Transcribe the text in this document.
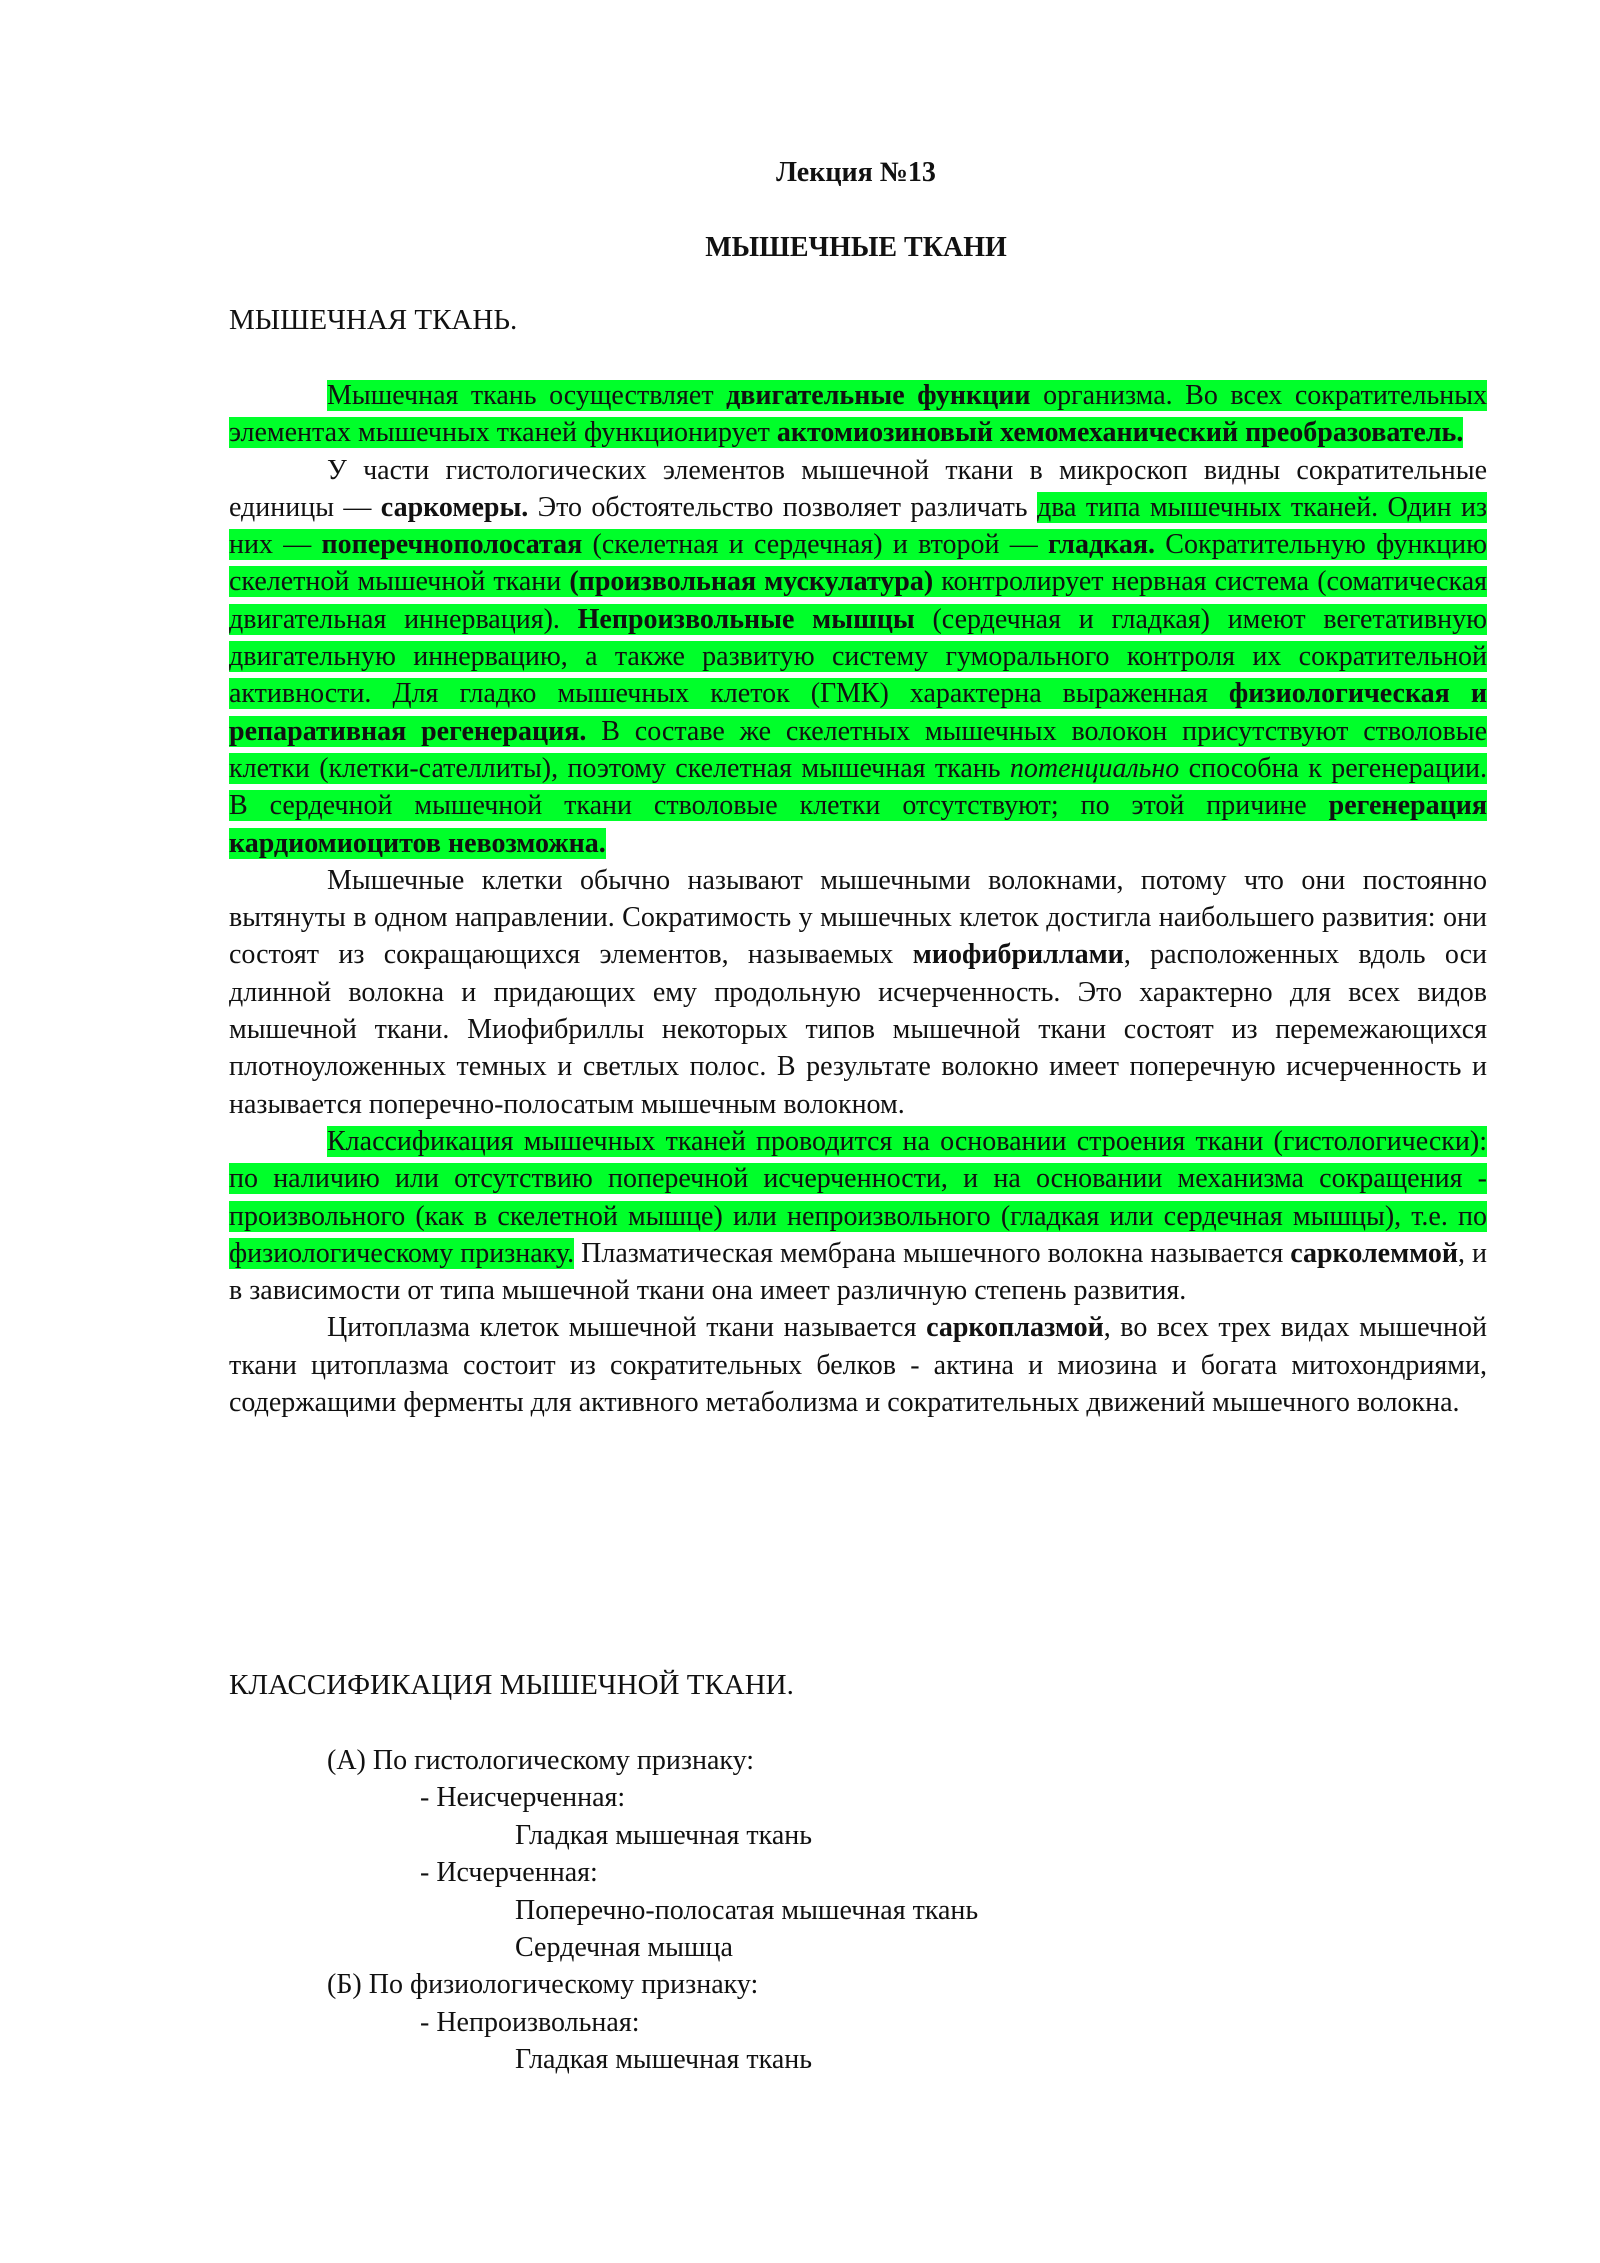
Лекция №13
МЫШЕЧНЫЕ ТКАНИ
МЫШЕЧНАЯ ТКАНЬ.

Мышечная ткань осуществляет двигательные функции организма. Во всех сократительных элементах мышечных тканей функционирует актомиозиновый хемомеханический преобразователь.

У части гистологических элементов мышечной ткани в микроскоп видны сократительные единицы — саркомеры. Это обстоятельство позволяет различать два типа мышечных тканей. Один из них — поперечнополосатая (скелетная и сердечная) и второй — гладкая. Сократительную функцию скелетной мышечной ткани (произвольная мускулатура) контролирует нервная система (соматическая двигательная иннервация). Непроизвольные мышцы (сердечная и гладкая) имеют вегетативную двигательную иннервацию, а также развитую систему гуморального контроля их сократительной активности. Для гладко мышечных клеток (ГМК) характерна выраженная физиологическая и репаративная регенерация. В составе же скелетных мышечных волокон присутствуют стволовые клетки (клетки-сателлиты), поэтому скелетная мышечная ткань потенциально способна к регенерации. В сердечной мышечной ткани стволовые клетки отсутствуют; по этой причине регенерация кардиомиоцитов невозможна.

Мышечные клетки обычно называют мышечными волокнами, потому что они постоянно вытянуты в одном направлении. Сократимость у мышечных клеток достигла наибольшего развития: они состоят из сокращающихся элементов, называемых миофибриллами, расположенных вдоль оси длинной волокна и придающих ему продольную исчерченность. Это характерно для всех видов мышечной ткани. Миофибриллы некоторых типов мышечной ткани состоят из перемежающихся плотноуложенных темных и светлых полос. В результате волокно имеет поперечную исчерченность и называется поперечно-полосатым мышечным волокном.

Классификация мышечных тканей проводится на основании строения ткани (гистологически): по наличию или отсутствию поперечной исчерченности, и на основании механизма сокращения - произвольного (как в скелетной мышце) или непроизвольного (гладкая или сердечная мышцы), т.е. по физиологическому признаку. Плазматическая мембрана мышечного волокна называется сарколеммой, и в зависимости от типа мышечной ткани она имеет различную степень развития.

Цитоплазма клеток мышечной ткани называется саркоплазмой, во всех трех видах мышечной ткани цитоплазма состоит из сократительных белков - актина и миозина и богата митохондриями, содержащими ферменты для активного метаболизма и сократительных движений мышечного волокна.

КЛАССИФИКАЦИЯ МЫШЕЧНОЙ ТКАНИ.
(А) По гистологическому признаку:
- Неисчерченная:
Гладкая мышечная ткань
- Исчерченная:
Поперечно-полосатая мышечная ткань
Сердечная мышца
(Б) По физиологическому признаку:
- Непроизвольная:
Гладкая мышечная ткань
